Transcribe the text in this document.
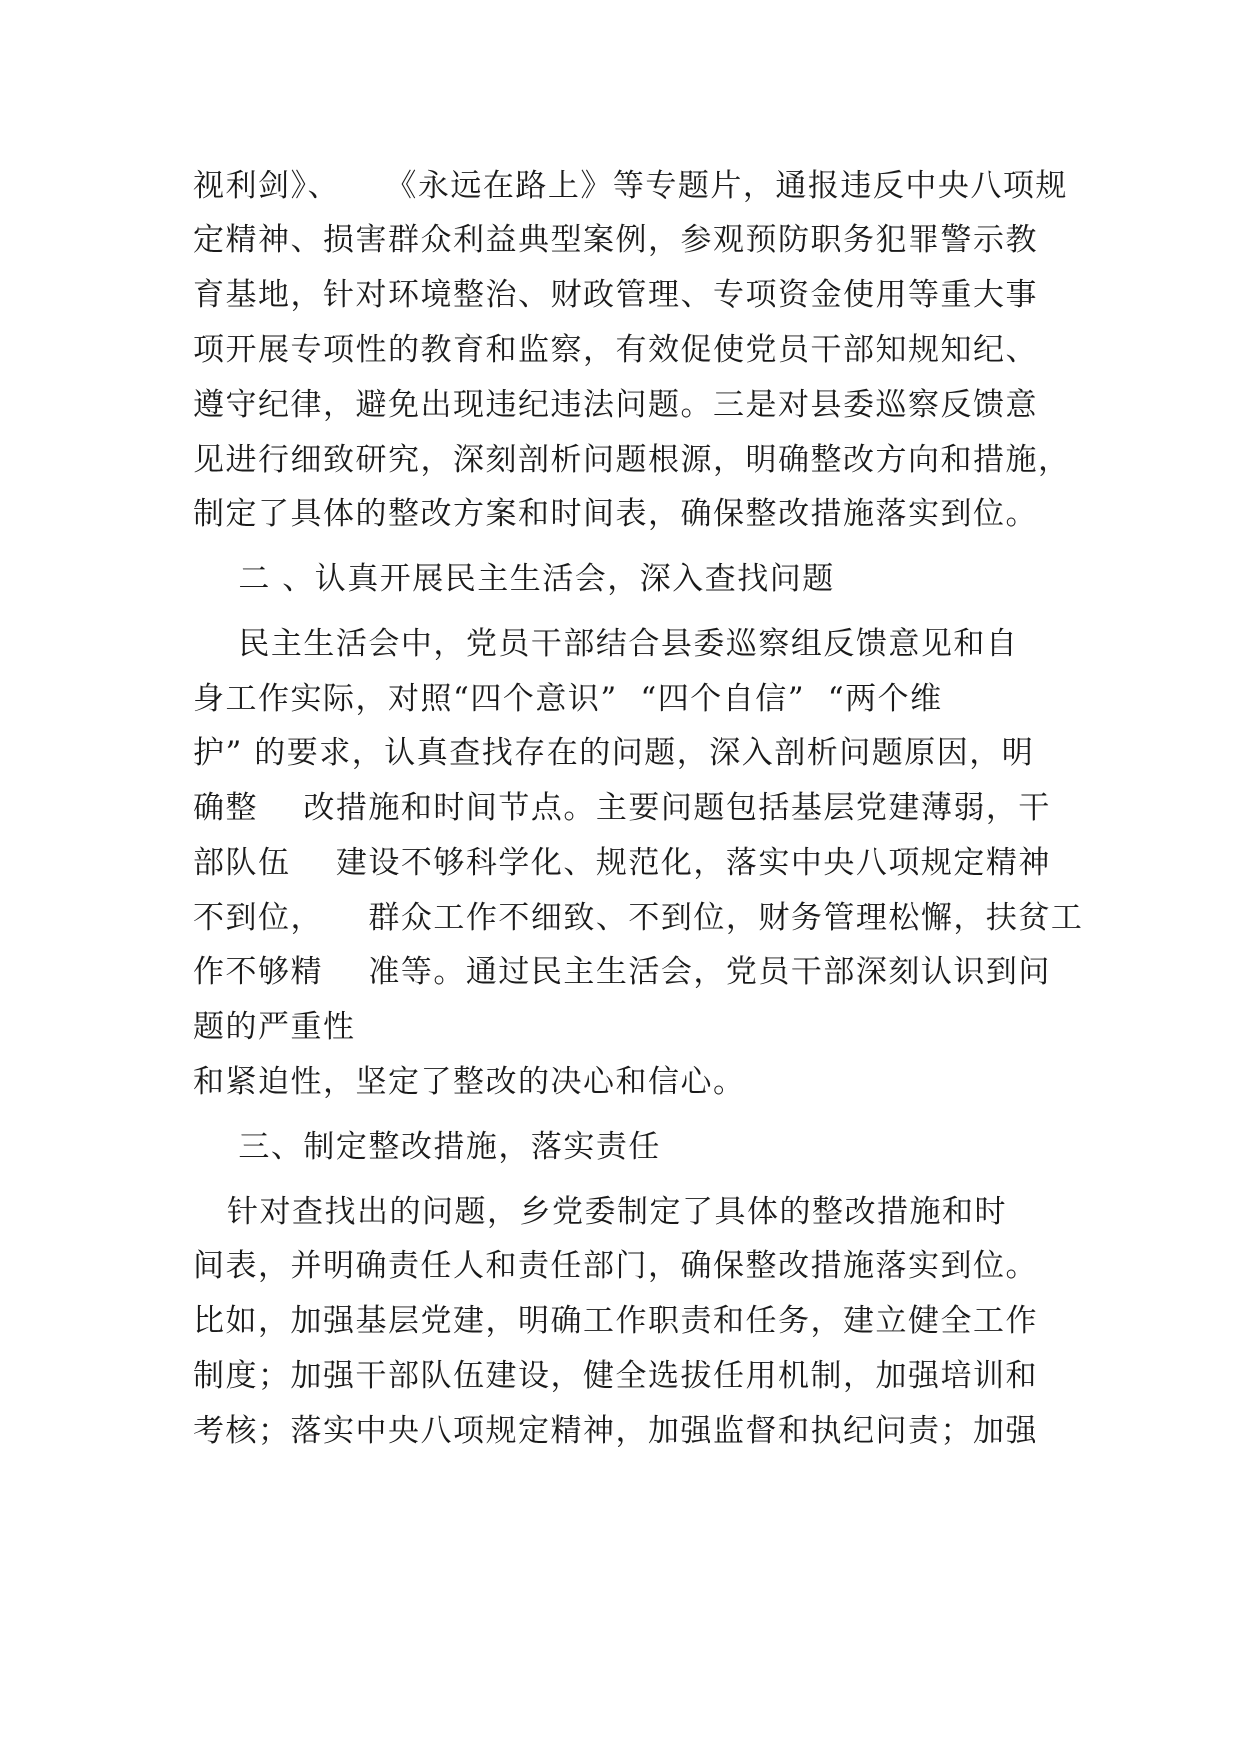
视利剑》、    《永远在路上》等专题片，通报违反中央八项规
定精神、损害群众利益典型案例，参观预防职务犯罪警示教
育基地，针对环境整治、财政管理、专项资金使用等重大事
项开展专项性的教育和监察，有效促使党员干部知规知纪、
遵守纪律，避免出现违纪违法问题。三是对县委巡察反馈意
见进行细致研究，深刻剖析问题根源，明确整改方向和措施，
制定了具体的整改方案和时间表，确保整改措施落实到位。
二 、认真开展民主生活会，深入查找问题
民主生活会中，党员干部结合县委巡察组反馈意见和自
身工作实际，对照“四个意识”  “四个自信”  “两个维
护” 的要求，认真查找存在的问题，深入剖析问题原因，明
确整    改措施和时间节点。主要问题包括基层党建薄弱，干
部队伍    建设不够科学化、规范化，落实中央八项规定精神
不到位，    群众工作不细致、不到位，财务管理松懈，扶贫工
作不够精    准等。通过民主生活会，党员干部深刻认识到问
题的严重性
和紧迫性，坚定了整改的决心和信心。
三、制定整改措施，落实责任
针对查找出的问题，乡党委制定了具体的整改措施和时
间表，并明确责任人和责任部门，确保整改措施落实到位。
比如，加强基层党建，明确工作职责和任务，建立健全工作
制度；加强干部队伍建设，健全选拔任用机制，加强培训和
考核；落实中央八项规定精神，加强监督和执纪问责；加强
